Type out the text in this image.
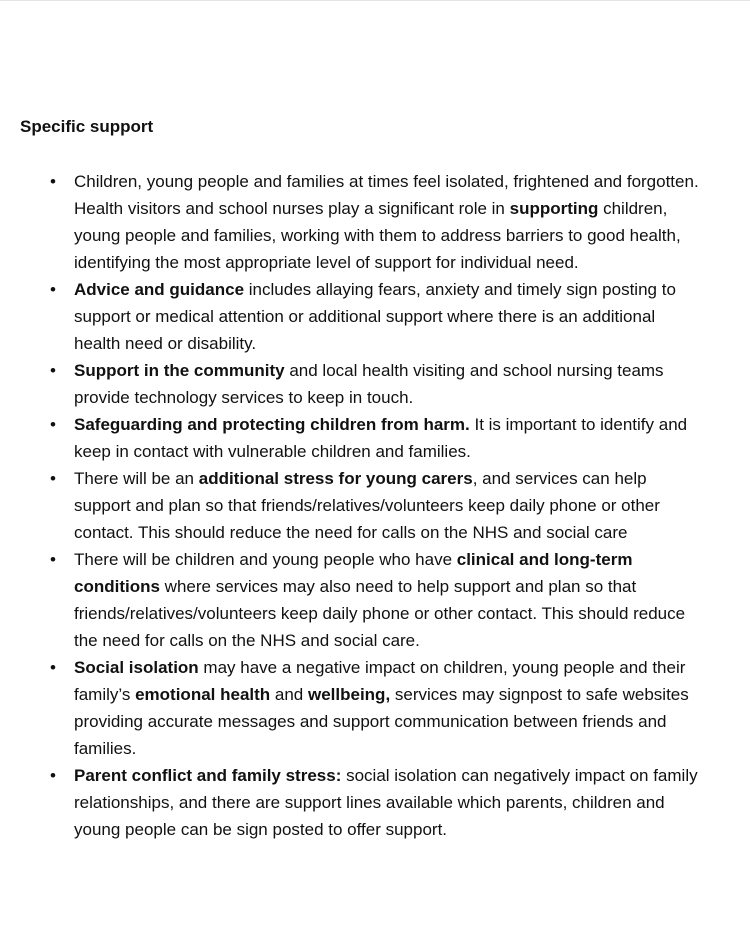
Specific support
• Children, young people and families at times feel isolated, frightened and forgotten. Health visitors and school nurses play a significant role in supporting children, young people and families, working with them to address barriers to good health, identifying the most appropriate level of support for individual need.
• Advice and guidance includes allaying fears, anxiety and timely sign posting to support or medical attention or additional support where there is an additional health need or disability.
• Support in the community and local health visiting and school nursing teams provide technology services to keep in touch.
• Safeguarding and protecting children from harm. It is important to identify and keep in contact with vulnerable children and families.
• There will be an additional stress for young carers, and services can help support and plan so that friends/relatives/volunteers keep daily phone or other contact. This should reduce the need for calls on the NHS and social care
• There will be children and young people who have clinical and long-term conditions where services may also need to help support and plan so that friends/relatives/volunteers keep daily phone or other contact. This should reduce the need for calls on the NHS and social care.
• Social isolation may have a negative impact on children, young people and their family’s emotional health and wellbeing, services may signpost to safe websites providing accurate messages and support communication between friends and families.
• Parent conflict and family stress: social isolation can negatively impact on family relationships, and there are support lines available which parents, children and young people can be sign posted to offer support.
